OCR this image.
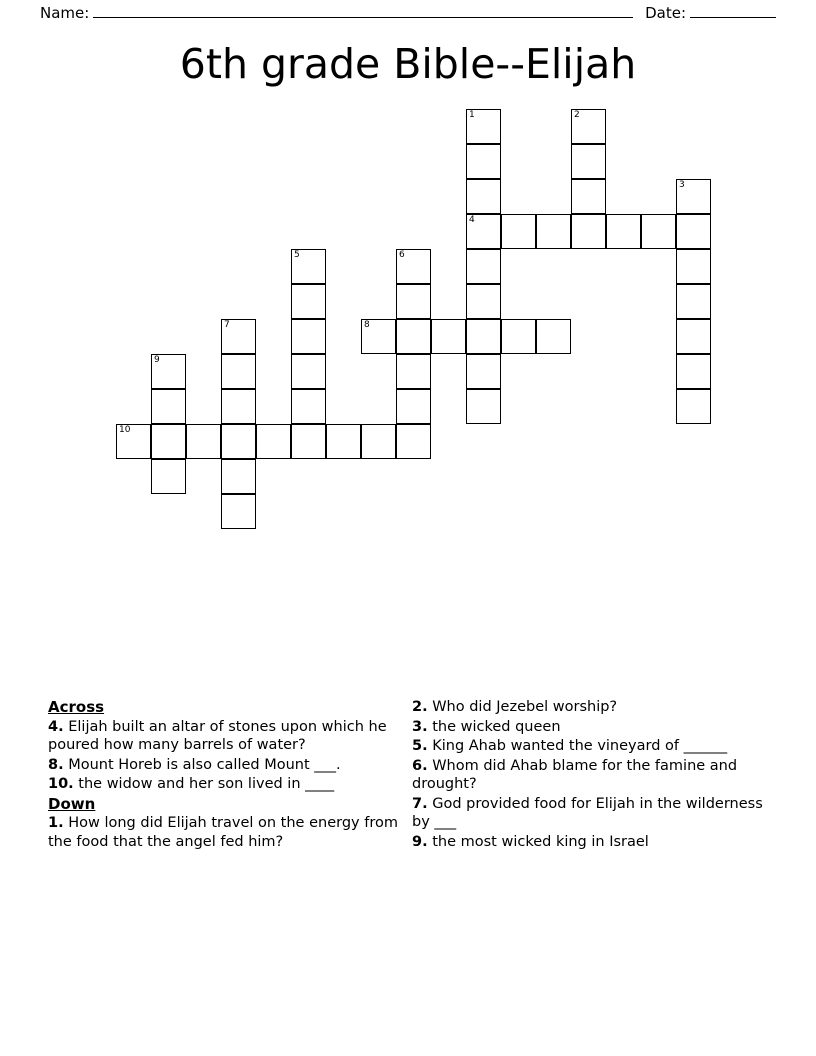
Name:	Date:
6th grade Bible--Elijah
1	2
3
4
5	6
7	8
9
10
Across
4. Elijah built an altar of stones upon which he poured how many barrels of water?
8. Mount Horeb is also called Mount ___.
10. the widow and her son lived in ____
Down
1. How long did Elijah travel on the energy from the food that the angel fed him?
2. Who did Jezebel worship?
3. the wicked queen
5. King Ahab wanted the vineyard of ______
6. Whom did Ahab blame for the famine and drought?
7. God provided food for Elijah in the wilderness by ___
9. the most wicked king in Israel
